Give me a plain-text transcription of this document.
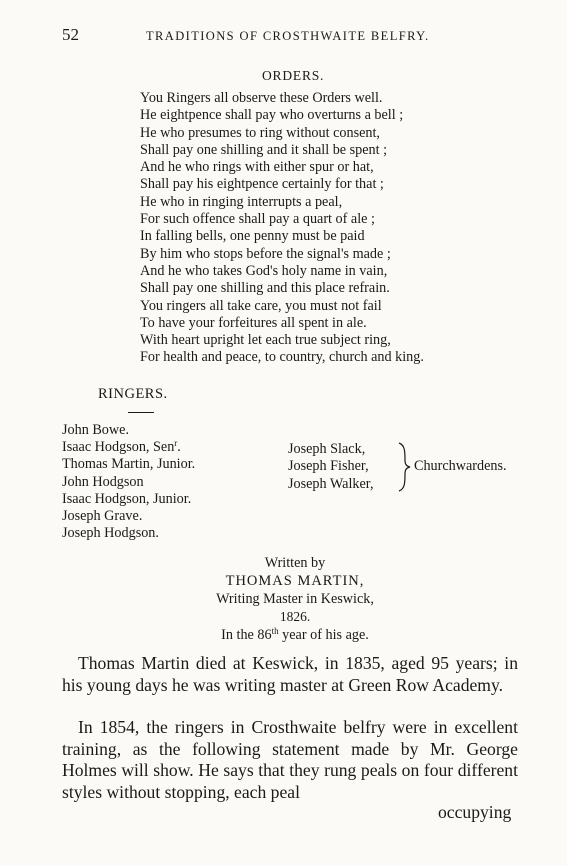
52	TRADITIONS OF CROSTHWAITE BELFRY.
ORDERS.
You Ringers all observe these Orders well.
He eightpence shall pay who overturns a bell ;
He who presumes to ring without consent,
Shall pay one shilling and it shall be spent ;
And he who rings with either spur or hat,
Shall pay his eightpence certainly for that ;
He who in ringing interrupts a peal,
For such offence shall pay a quart of ale ;
In falling bells, one penny must be paid
By him who stops before the signal's made ;
And he who takes God's holy name in vain,
Shall pay one shilling and this place refrain.
You ringers all take care, you must not fail
To have your forfeitures all spent in ale.
With heart upright let each true subject ring,
For health and peace, to country, church and king.
RINGERS.
John Bowe.
Isaac Hodgson, Sen$^r$.
Thomas Martin, Junior.
John Hodgson
Isaac Hodgson, Junior.
Joseph Grave.
Joseph Hodgson.
Joseph Slack,
Joseph Fisher,
Joseph Walker,
Churchwardens.
Written by
THOMAS MARTIN,
Writing Master in Keswick,
1826.
In the 86th year of his age.

Thomas Martin died at Keswick, in 1835, aged 95 years; in his young days he was writing master at Green Row Academy.

In 1854, the ringers in Crosthwaite belfry were in excellent training, as the following statement made by Mr. George Holmes will show. He says that they rung peals on four different styles without stopping, each peal

occupying
